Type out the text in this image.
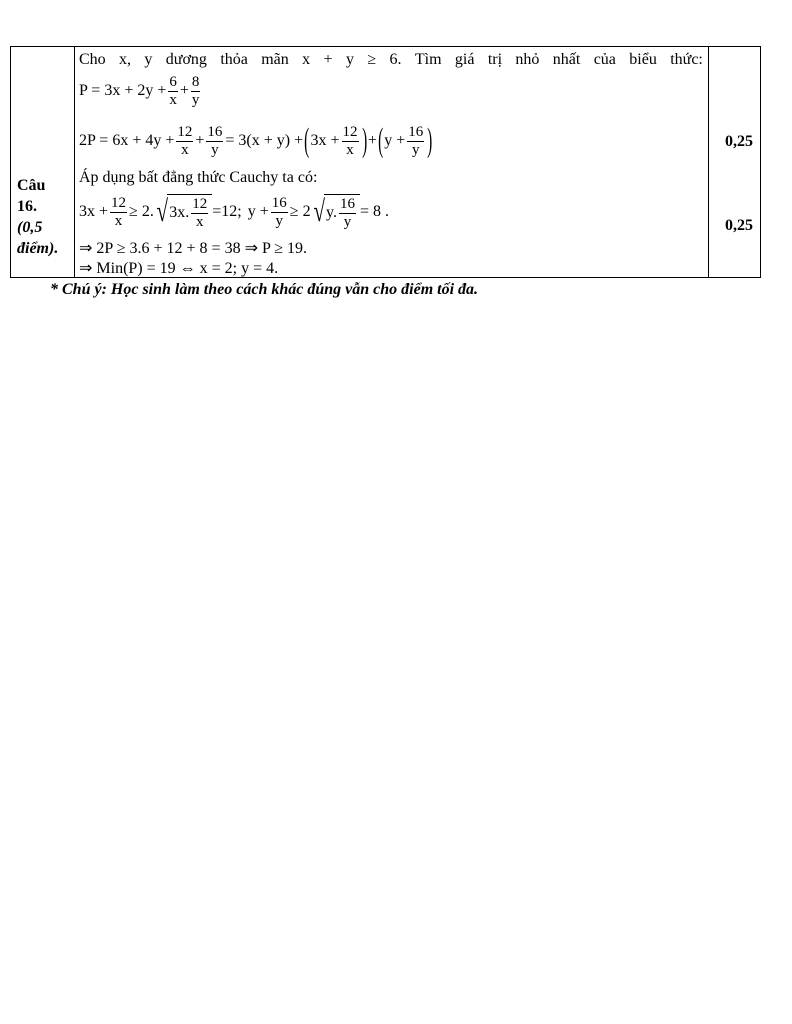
Câu
16.
(0,5
điểm).
Cho x, y dương thỏa mãn x + y ≥ 6. Tìm giá trị nhỏ nhất của biểu thức:
$P = 3x + 2y + \frac{6}{x} + \frac{8}{y}$
$2P = 6x + 4y + \frac{12}{x} + \frac{16}{y} = 3(x + y)$ + ( $3x + \frac{12}{x}$ ) + ( $y + \frac{16}{y}$ )
Áp dụng bất đẳng thức Cauchy ta có:
$3x + \frac{12}{x} \ge 2$. √ 3x. $\frac{12}{x} =12$; $y + \frac{16}{y} \ge 2$ √ y. $\frac{16}{y} = 8$ .
⇒ 2P ≥ 3.6 + 12 + 8 = 38 ⇒ P ≥ 19.
⇒ Min(P) = 19 ⇔ x = 2; y = 4.
0,25
0,25
* Chú ý: Học sinh làm theo cách khác đúng vẫn cho điểm tối đa.
